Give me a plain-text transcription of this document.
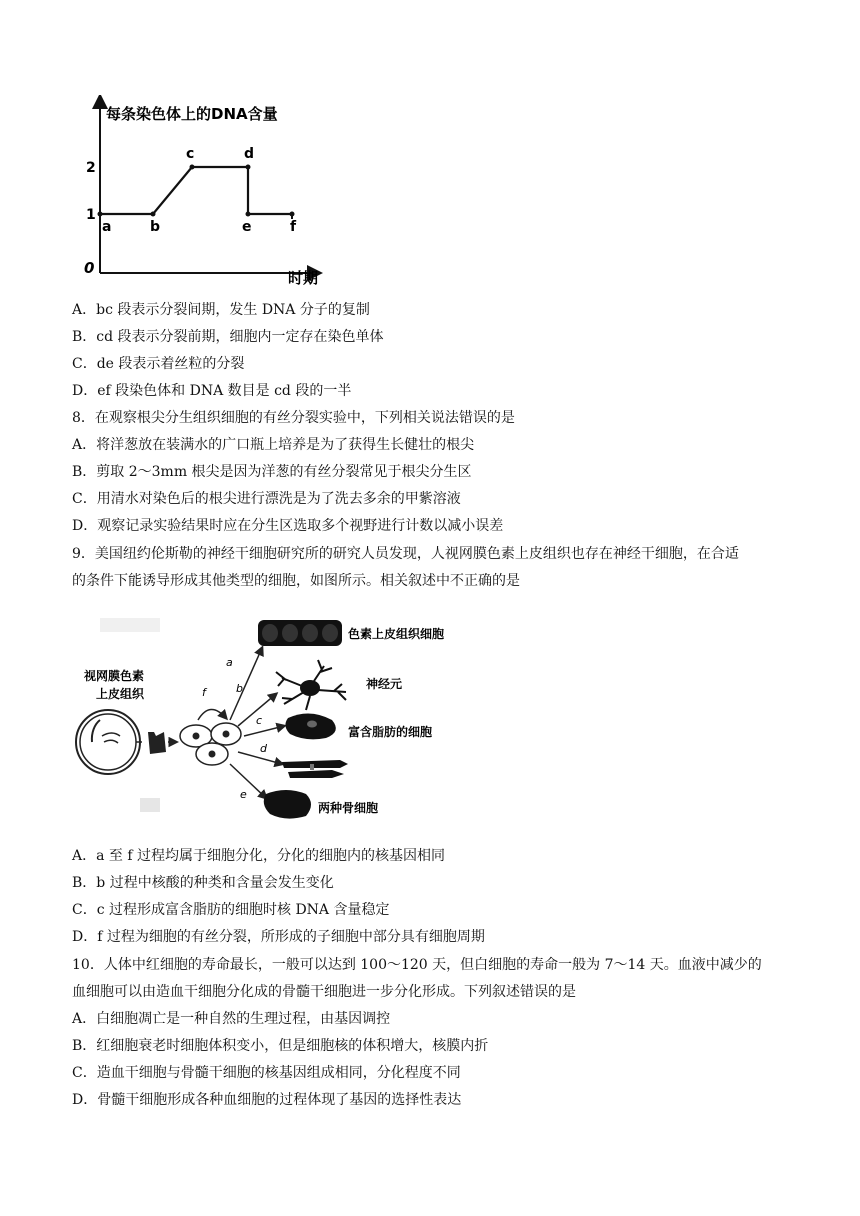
每条染色体上的DNA含量
时期
0
1
2
a	b
c	d
e	f
A．bc 段表示分裂间期，发生 DNA 分子的复制
B．cd 段表示分裂前期，细胞内一定存在染色单体
C．de 段表示着丝粒的分裂
D．ef 段染色体和 DNA 数目是 cd 段的一半
8．在观察根尖分生组织细胞的有丝分裂实验中，下列相关说法错误的是
A．将洋葱放在装满水的广口瓶上培养是为了获得生长健壮的根尖
B．剪取 2～3mm 根尖是因为洋葱的有丝分裂常见于根尖分生区
C．用清水对染色后的根尖进行漂洗是为了洗去多余的甲紫溶液
D．观察记录实验结果时应在分生区选取多个视野进行计数以减小误差
9．美国纽约伦斯勒的神经干细胞研究所的研究人员发现，人视网膜色素上皮组织也存在神经干细胞，在合适
的条件下能诱导形成其他类型的细胞，如图所示。相关叙述中不正确的是
视网膜色素
上皮组织	f
a
b
c
d
e
色素上皮组织细胞
神经元
富含脂肪的细胞
两种骨细胞
A．a 至 f 过程均属于细胞分化，分化的细胞内的核基因相同
B．b 过程中核酸的种类和含量会发生变化
C．c 过程形成富含脂肪的细胞时核 DNA 含量稳定
D．f 过程为细胞的有丝分裂，所形成的子细胞中部分具有细胞周期
10．人体中红细胞的寿命最长，一般可以达到 100～120 天，但白细胞的寿命一般为 7～14 天。血液中减少的
血细胞可以由造血干细胞分化成的骨髓干细胞进一步分化形成。下列叙述错误的是
A．白细胞凋亡是一种自然的生理过程，由基因调控
B．红细胞衰老时细胞体积变小，但是细胞核的体积增大，核膜内折
C．造血干细胞与骨髓干细胞的核基因组成相同，分化程度不同
D．骨髓干细胞形成各种血细胞的过程体现了基因的选择性表达
